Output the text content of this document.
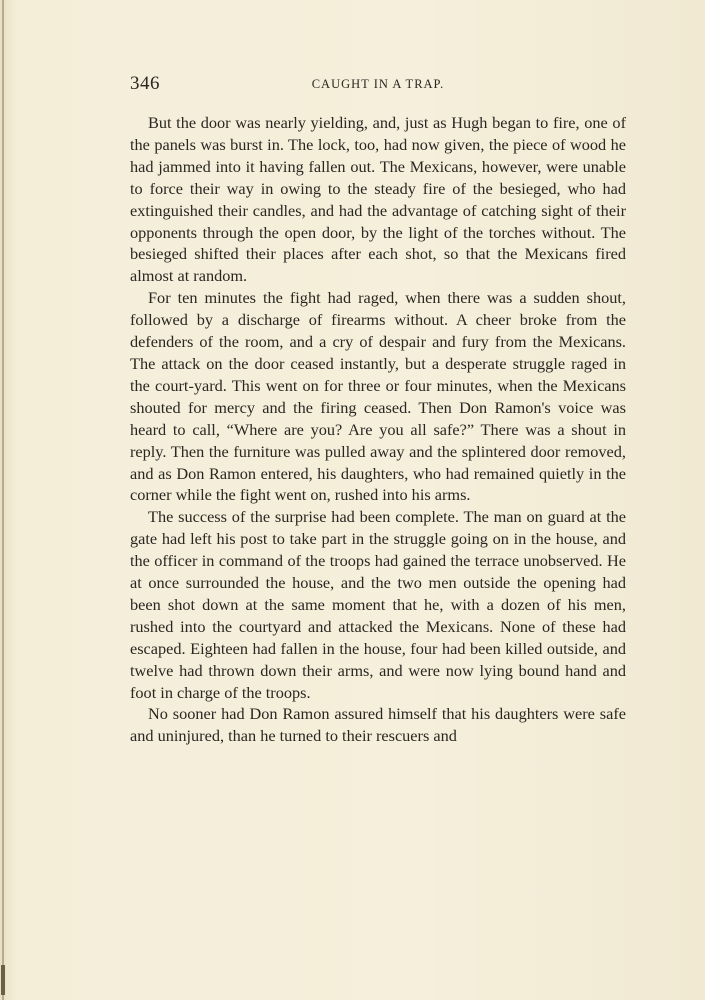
346	CAUGHT IN A TRAP.

But the door was nearly yielding, and, just as Hugh began to fire, one of the panels was burst in. The lock, too, had now given, the piece of wood he had jammed into it having fallen out. The Mexicans, however, were unable to force their way in owing to the steady fire of the besieged, who had extinguished their candles, and had the advantage of catching sight of their opponents through the open door, by the light of the torches without. The besieged shifted their places after each shot, so that the Mexicans fired almost at random.

For ten minutes the fight had raged, when there was a sudden shout, followed by a discharge of firearms without. A cheer broke from the defenders of the room, and a cry of despair and fury from the Mexicans. The attack on the door ceased instantly, but a desperate struggle raged in the court-yard. This went on for three or four minutes, when the Mexicans shouted for mercy and the firing ceased. Then Don Ramon's voice was heard to call, “Where are you? Are you all safe?” There was a shout in reply. Then the furniture was pulled away and the splintered door removed, and as Don Ramon entered, his daughters, who had remained quietly in the corner while the fight went on, rushed into his arms.

The success of the surprise had been complete. The man on guard at the gate had left his post to take part in the struggle going on in the house, and the officer in command of the troops had gained the terrace unobserved. He at once surrounded the house, and the two men outside the opening had been shot down at the same moment that he, with a dozen of his men, rushed into the courtyard and attacked the Mexicans. None of these had escaped. Eighteen had fallen in the house, four had been killed outside, and twelve had thrown down their arms, and were now lying bound hand and foot in charge of the troops.

No sooner had Don Ramon assured himself that his daughters were safe and uninjured, than he turned to their rescuers and
